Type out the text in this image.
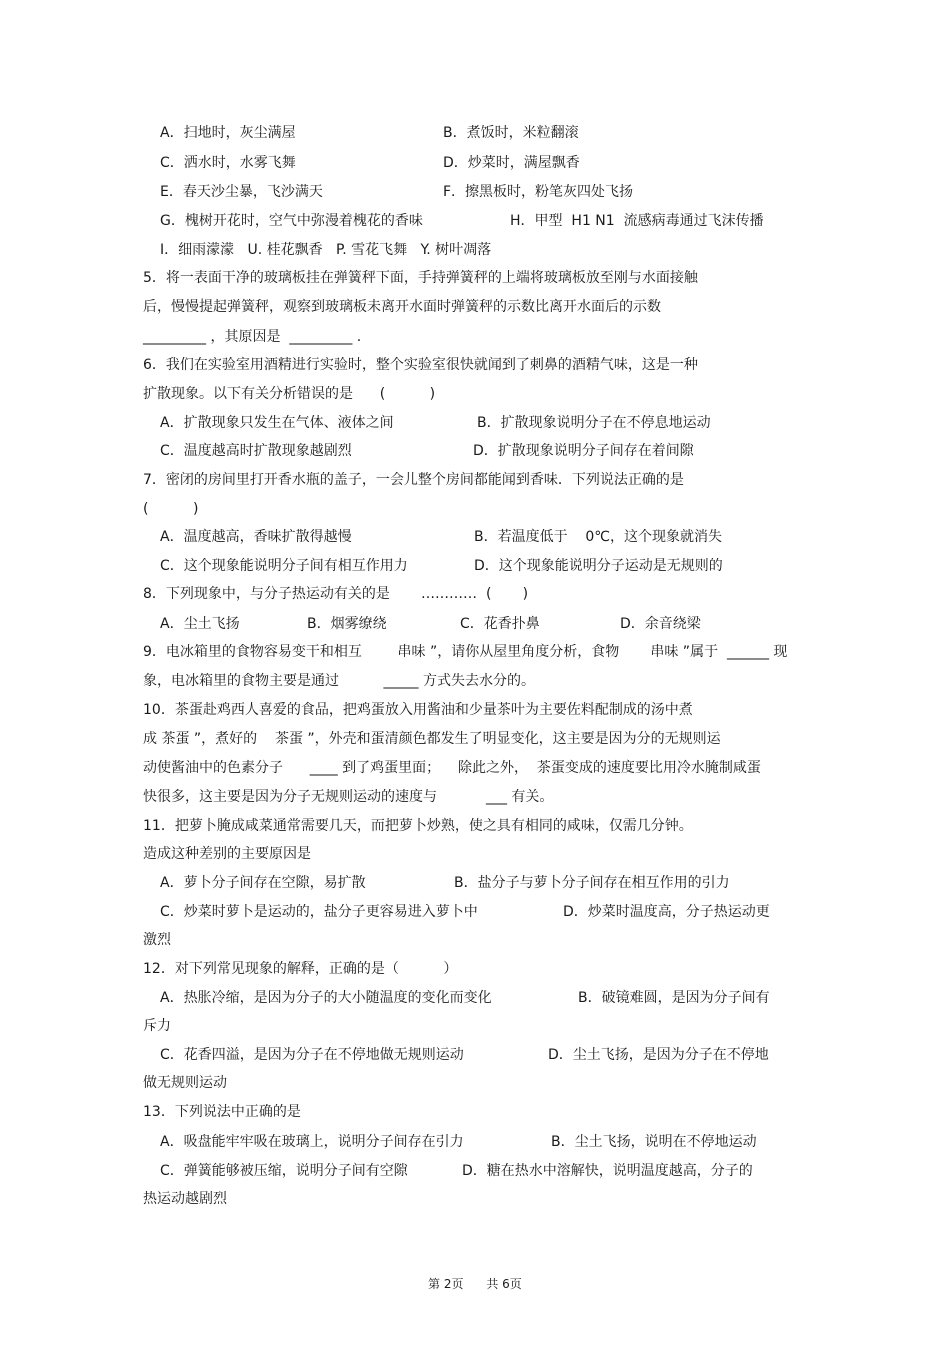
A．扫地时，灰尘满屋	B．煮饭时，米粒翻滚
C．洒水时，水雾飞舞	D．炒菜时，满屋飘香
E．春天沙尘暴，飞沙满天	F．擦黑板时，粉笔灰四处飞扬
G．槐树开花时，空气中弥漫着槐花的香味	H．甲型  H1 N1  流感病毒通过飞沫传播
I．细雨濛濛   U. 桂花飘香   P. 雪花飞舞   Y. 树叶凋落
5．将一表面干净的玻璃板挂在弹簧秤下面，手持弹簧秤的上端将玻璃板放至刚与水面接触
后，慢慢提起弹簧秤，观察到玻璃板未离开水面时弹簧秤的示数比离开水面后的示数
_________ ，其原因是  _________ .
6．我们在实验室用酒精进行实验时，整个实验室很快就闻到了刺鼻的酒精气味，这是一种
扩散现象。以下有关分析错误的是      (          )
A．扩散现象只发生在气体、液体之间	B．扩散现象说明分子在不停息地运动
C．温度越高时扩散现象越剧烈	D．扩散现象说明分子间存在着间隙
7．密闭的房间里打开香水瓶的盖子，一会儿整个房间都能闻到香味．下列说法正确的是
(          )
A．温度越高，香味扩散得越慢	B．若温度低于    0℃，这个现象就消失
C．这个现象能说明分子间有相互作用力	D．这个现象能说明分子运动是无规则的
8．下列现象中，与分子热运动有关的是       …………  (       )
A．尘土飞扬	B．烟雾缭绕	C．花香扑鼻	D．余音绕梁
9．电冰箱里的食物容易变干和相互        串味 ”，请你从屋里角度分析，食物       串味 ”属于  ______ 现
象，电冰箱里的食物主要是通过          _____ 方式失去水分的。
10．茶蛋赴鸡西人喜爱的食品，把鸡蛋放入用酱油和少量茶叶为主要佐料配制成的汤中煮
成 茶蛋 ”，煮好的    茶蛋 ”，外壳和蛋清颜色都发生了明显变化，这主要是因为分的无规则运
动使酱油中的色素分子      ____ 到了鸡蛋里面；    除此之外，  茶蛋变成的速度要比用冷水腌制咸蛋
快很多，这主要是因为分子无规则运动的速度与           ___ 有关。
11．把萝卜腌成咸菜通常需要几天，而把萝卜炒熟，使之具有相同的咸味，仅需几分钟。
造成这种差别的主要原因是
A．萝卜分子间存在空隙，易扩散	B．盐分子与萝卜分子间存在相互作用的引力
C．炒菜时萝卜是运动的，盐分子更容易进入萝卜中	D．炒菜时温度高，分子热运动更
激烈
12．对下列常见现象的解释，正确的是（          ）
A．热胀冷缩，是因为分子的大小随温度的变化而变化	B．破镜难圆，是因为分子间有
斥力
C．花香四溢，是因为分子在不停地做无规则运动	D．尘土飞扬，是因为分子在不停地
做无规则运动
13．下列说法中正确的是
A．吸盘能牢牢吸在玻璃上，说明分子间存在引力	B．尘土飞扬，说明在不停地运动
C．弹簧能够被压缩，说明分子间有空隙	D．糖在热水中溶解快，说明温度越高，分子的
热运动越剧烈
第 2页      共 6页
